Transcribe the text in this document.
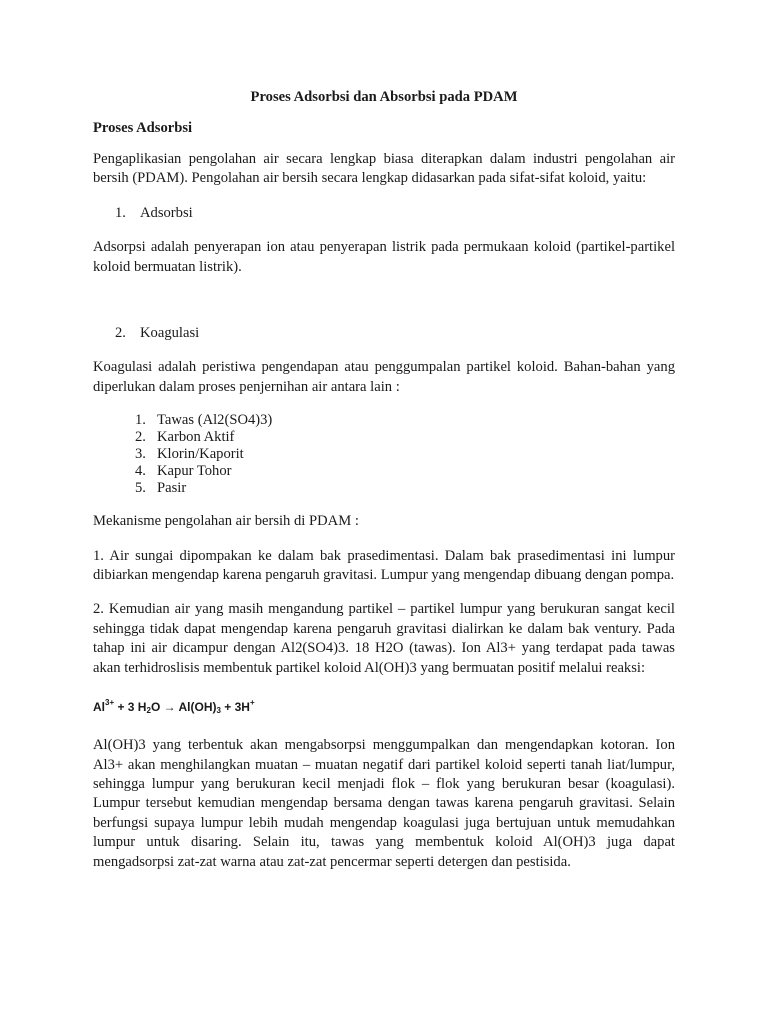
Proses Adsorbsi dan Absorbsi pada PDAM
Proses Adsorbsi

Pengaplikasian pengolahan air secara lengkap biasa diterapkan dalam industri pengolahan air bersih (PDAM). Pengolahan air bersih secara lengkap didasarkan pada sifat-sifat koloid, yaitu:

1. Adsorbsi

Adsorpsi adalah penyerapan ion atau penyerapan listrik pada permukaan koloid (partikel-partikel koloid bermuatan listrik).

2. Koagulasi

Koagulasi adalah peristiwa pengendapan atau penggumpalan partikel koloid. Bahan-bahan yang diperlukan dalam proses penjernihan air antara lain :

1. Tawas (Al2(SO4)3)
2. Karbon Aktif
3. Klorin/Kaporit
4. Kapur Tohor
5. Pasir

Mekanisme pengolahan air bersih di PDAM :

1. Air sungai dipompakan ke dalam bak prasedimentasi. Dalam bak prasedimentasi ini lumpur dibiarkan mengendap karena pengaruh gravitasi. Lumpur yang mengendap dibuang dengan pompa.

2. Kemudian air yang masih mengandung partikel – partikel lumpur yang berukuran sangat kecil sehingga tidak dapat mengendap karena pengaruh gravitasi dialirkan ke dalam bak ventury. Pada tahap ini air dicampur dengan Al2(SO4)3. 18 H2O (tawas). Ion Al3+ yang terdapat pada tawas akan terhidroslisis membentuk partikel koloid Al(OH)3 yang bermuatan positif melalui reaksi:

$Al^{3+} + 3$ $H_2O \to Al(OH)_3 + 3H^+$

Al(OH)3 yang terbentuk akan mengabsorpsi menggumpalkan dan mengendapkan kotoran. Ion Al3+ akan menghilangkan muatan – muatan negatif dari partikel koloid seperti tanah liat/lumpur, sehingga lumpur yang berukuran kecil menjadi flok – flok yang berukuran besar (koagulasi). Lumpur tersebut kemudian mengendap bersama dengan tawas karena pengaruh gravitasi. Selain berfungsi supaya lumpur lebih mudah mengendap koagulasi juga bertujuan untuk memudahkan lumpur untuk disaring. Selain itu, tawas yang membentuk koloid Al(OH)3 juga dapat mengadsorpsi zat-zat warna atau zat-zat pencermar seperti detergen dan pestisida.
